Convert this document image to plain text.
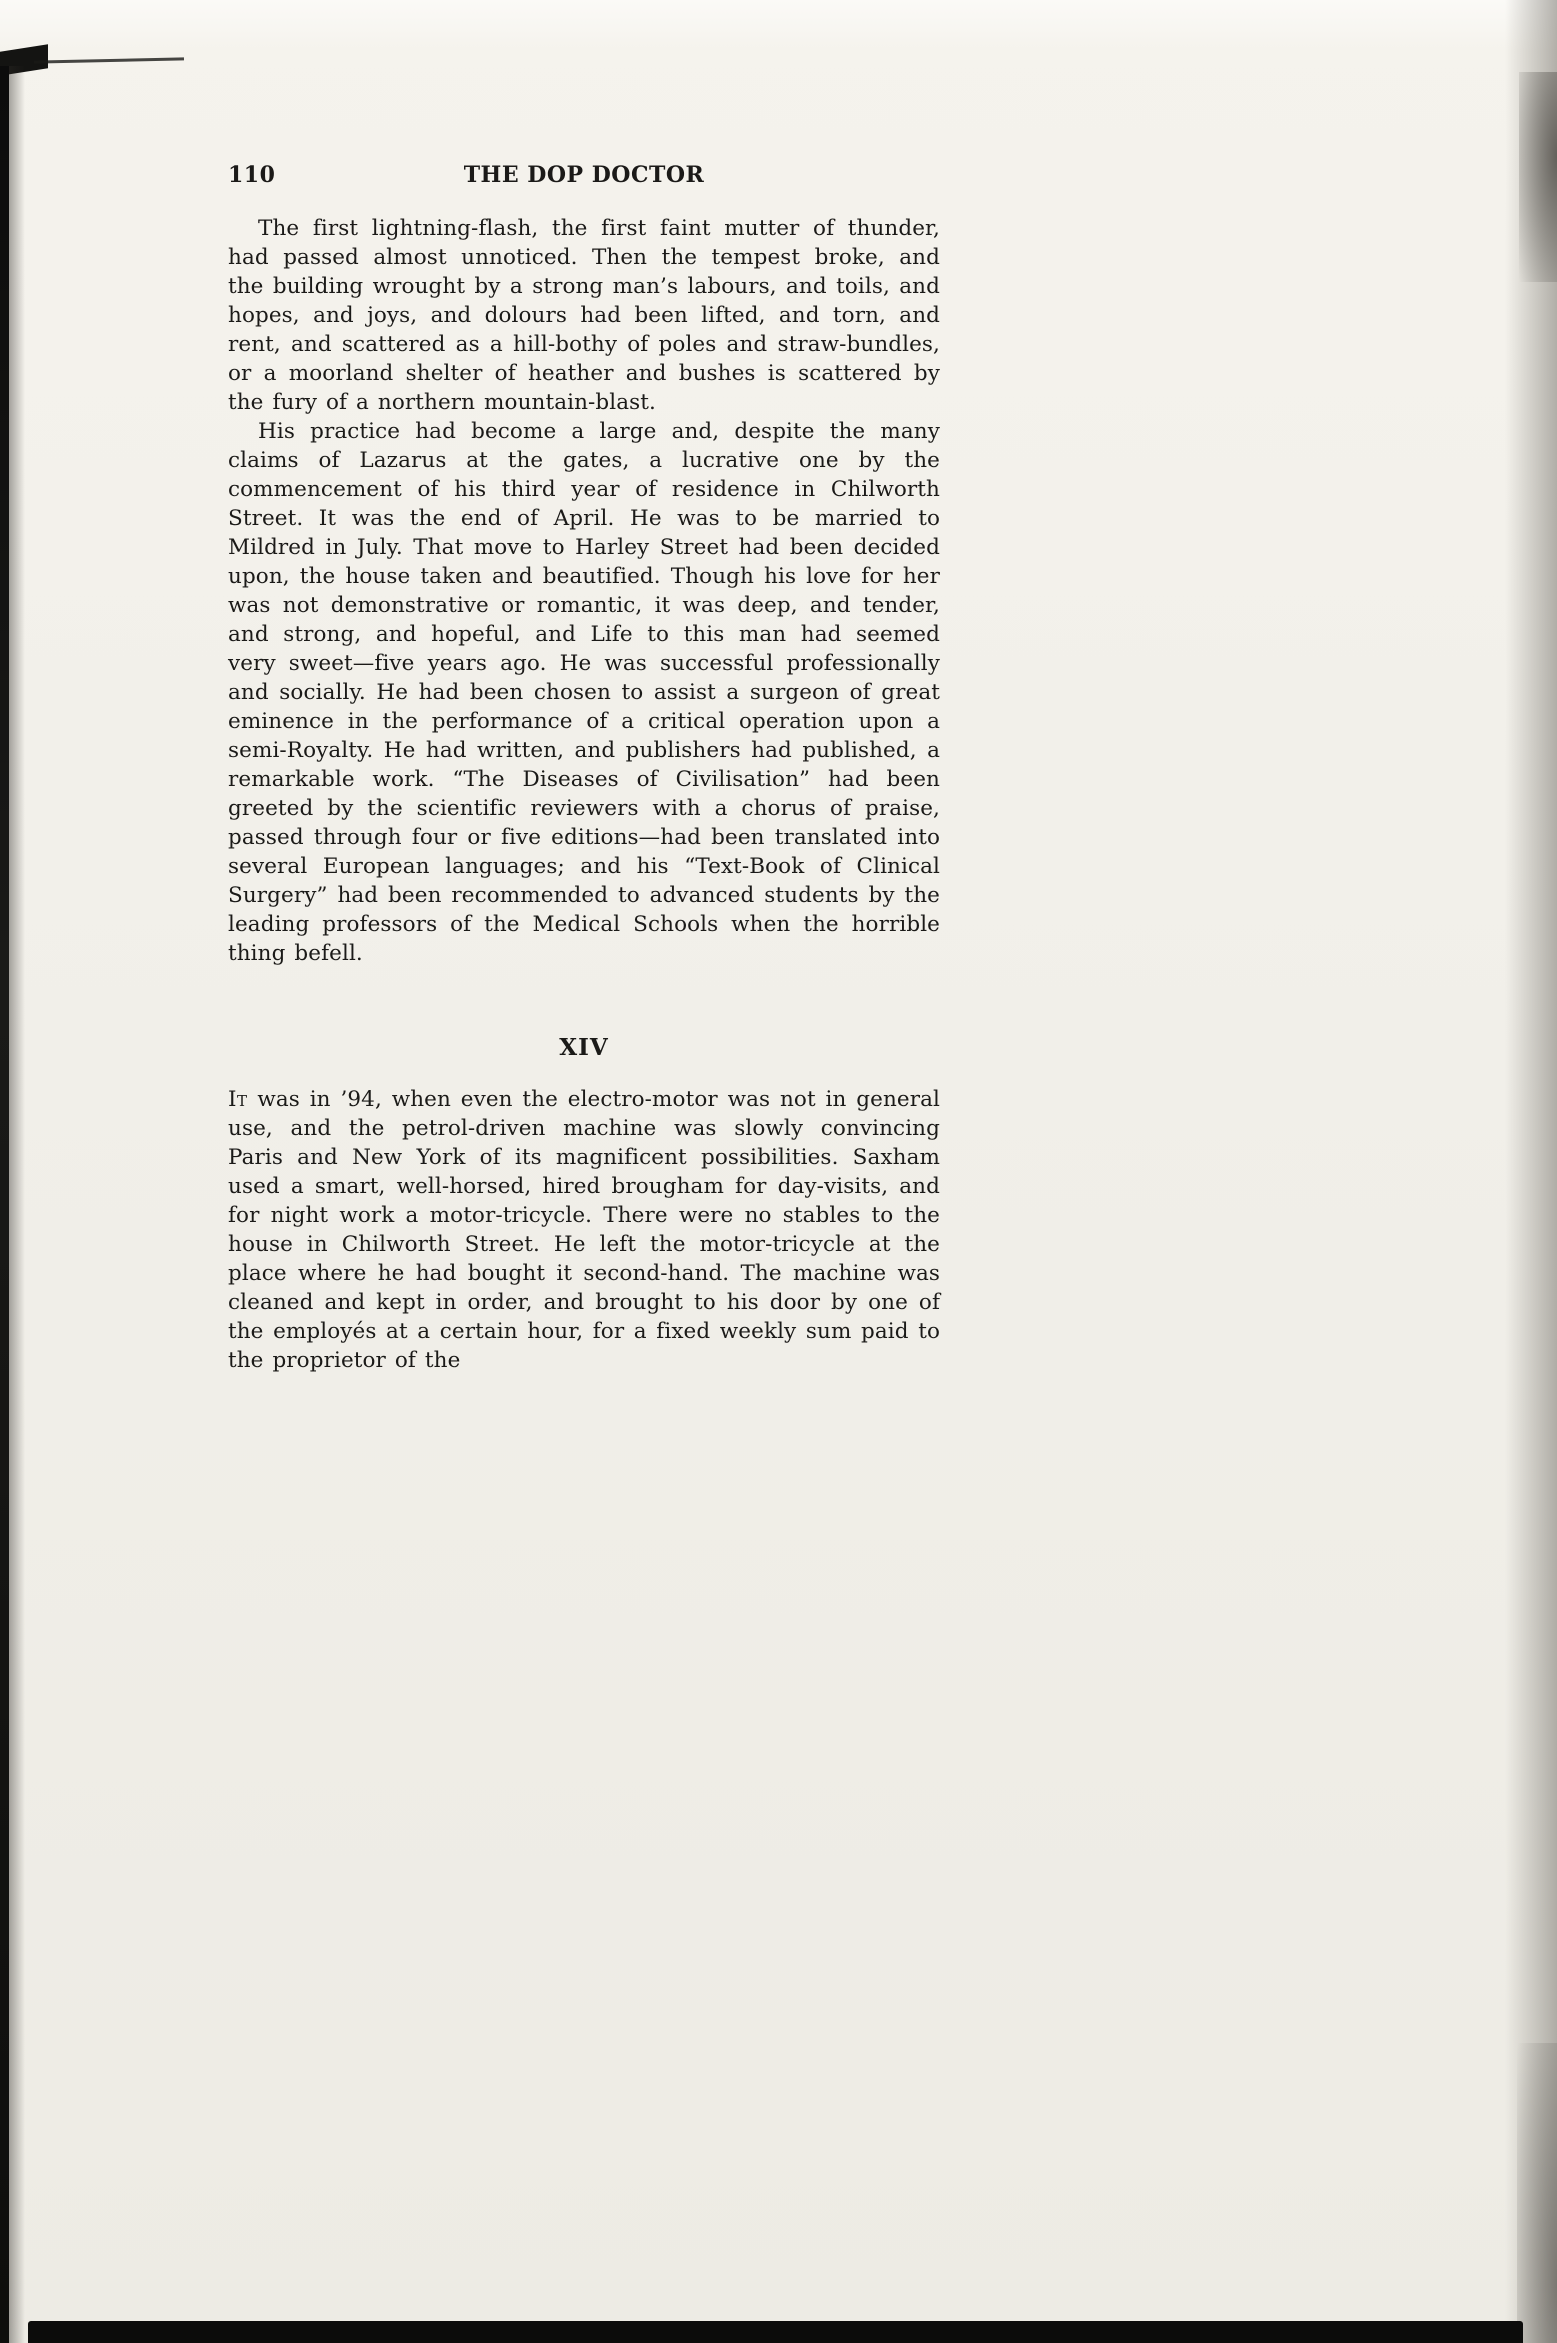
110	THE DOP DOCTOR

The first lightning-flash, the first faint mutter of thunder, had passed almost unnoticed. Then the tempest broke, and the building wrought by a strong man’s labours, and toils, and hopes, and joys, and dolours had been lifted, and torn, and rent, and scattered as a hill-bothy of poles and straw-bundles, or a moorland shelter of heather and bushes is scattered by the fury of a northern mountain-blast.

His practice had become a large and, despite the many claims of Lazarus at the gates, a lucrative one by the commencement of his third year of residence in Chilworth Street. It was the end of April. He was to be married to Mildred in July. That move to Harley Street had been decided upon, the house taken and beautified. Though his love for her was not demonstrative or romantic, it was deep, and tender, and strong, and hopeful, and Life to this man had seemed very sweet—five years ago. He was successful professionally and socially. He had been chosen to assist a surgeon of great eminence in the performance of a critical operation upon a semi-Royalty. He had written, and publishers had published, a remarkable work. “The Diseases of Civilisation” had been greeted by the scientific reviewers with a chorus of praise, passed through four or five editions—had been translated into several European languages; and his “Text-Book of Clinical Surgery” had been recommended to advanced students by the leading professors of the Medical Schools when the horrible thing befell.

XIV

It was in ’94, when even the electro-motor was not in general use, and the petrol-driven machine was slowly convincing Paris and New York of its magnificent possibilities. Saxham used a smart, well-horsed, hired brougham for day-visits, and for night work a motor-tricycle. There were no stables to the house in Chilworth Street. He left the motor-tricycle at the place where he had bought it second-hand. The machine was cleaned and kept in order, and brought to his door by one of the employés at a certain hour, for a fixed weekly sum paid to the proprietor of the
